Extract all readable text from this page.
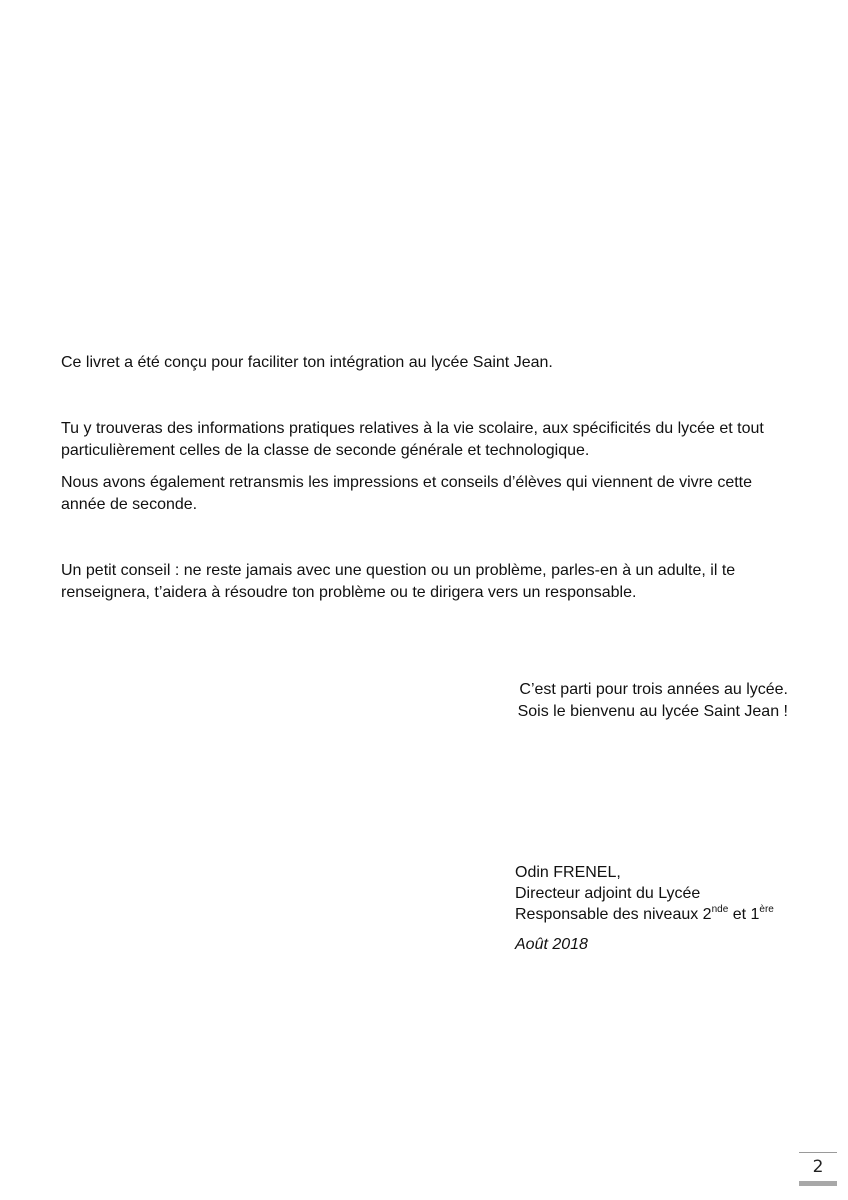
Ce livret a été conçu pour faciliter ton intégration au lycée Saint Jean.

Tu y trouveras des informations pratiques relatives à la vie scolaire, aux spécificités du lycée et tout particulièrement celles de la classe de seconde générale et technologique.

Nous avons également retransmis les impressions et conseils d’élèves qui viennent de vivre cette année de seconde.

Un petit conseil : ne reste jamais avec une question ou un problème, parles-en à un adulte, il te renseignera, t’aidera à résoudre ton problème ou te dirigera vers un responsable.

C’est parti pour trois années au lycée.
Sois le bienvenu au lycée Saint Jean !

Odin FRENEL,
Directeur adjoint du Lycée
Responsable des niveaux 2nde et 1ère

Août 2018

2
